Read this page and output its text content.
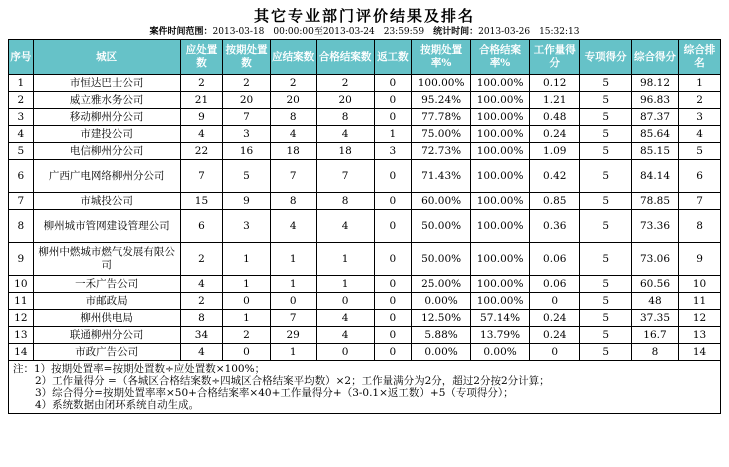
其它专业部门评价结果及排名
案件时间范围：2013-03-18　00:00:00至2013-03-24　23:59:59　 统计时间：2013-03-26　15:32:13
序号	城区	应处置数	按期处置数	应结案数	合格结案数	返工数	按期处置率%	合格结案率%	工作量得分	专项得分	综合得分	综合排名
1	市恒达巴士公司	2	2	2	2	0	100.00%	100.00%	0.12	5	98.12	1
2	威立雅水务公司	21	20	20	20	0	95.24%	100.00%	1.21	5	96.83	2
3	移动柳州分公司	9	7	8	8	0	77.78%	100.00%	0.48	5	87.37	3
4	市建投公司	4	3	4	4	1	75.00%	100.00%	0.24	5	85.64	4
5	电信柳州分公司	22	16	18	18	3	72.73%	100.00%	1.09	5	85.15	5
6	广西广电网络柳州分公司	7	5	7	7	0	71.43%	100.00%	0.42	5	84.14	6
7	市城投公司	15	9	8	8	0	60.00%	100.00%	0.85	5	78.85	7
8	柳州城市管网建设管理公司	6	3	4	4	0	50.00%	100.00%	0.36	5	73.36	8
9	柳州中燃城市燃气发展有限公司	2	1	1	1	0	50.00%	100.00%	0.06	5	73.06	9
10	一禾广告公司	4	1	1	1	0	25.00%	100.00%	0.06	5	60.56	10
11	市邮政局	2	0	0	0	0	0.00%	100.00%	0	5	48	11
12	柳州供电局	8	1	7	4	0	12.50%	57.14%	0.24	5	37.35	12
13	联通柳州分公司	34	2	29	4	0	5.88%	13.79%	0.24	5	16.7	13
14	市政广告公司	4	0	1	0	0	0.00%	0.00%	0	5	8	14

注：1）按期处置率=按期处置数÷应处置数×100%；
2）工作量得分 =（各城区合格结案数÷四城区合格结案平均数）×2；工作量满分为2分，超过2分按2分计算；
3）综合得分=按期处置率率×50+合格结案率×40+工作量得分+（3-0.1×返工数）+5（专项得分）；
4）系统数据由闭环系统自动生成。												
